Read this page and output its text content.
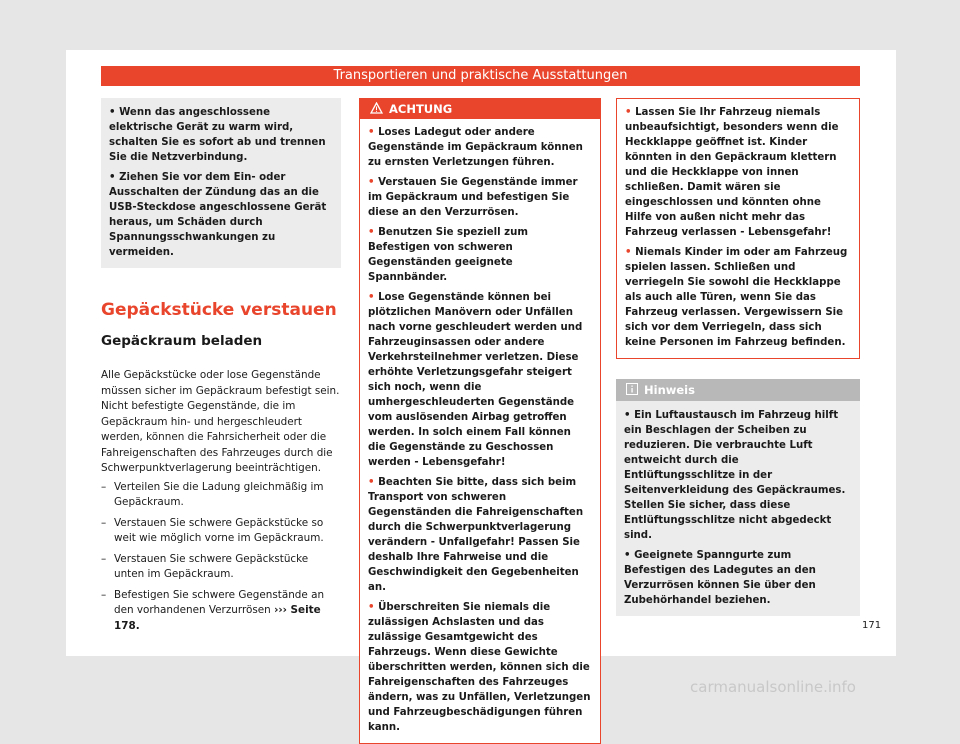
Transportieren und praktische Ausstattungen

• Wenn das angeschlossene elektrische Gerät zu warm wird, schalten Sie es sofort ab und trennen Sie die Netzverbindung.

• Ziehen Sie vor dem Ein- oder Ausschalten der Zündung das an die USB-Steckdose angeschlossene Gerät heraus, um Schäden durch Spannungsschwankungen zu vermeiden.

Gepäckstücke verstauen
Gepäckraum beladen

Alle Gepäckstücke oder lose Gegenstände müssen sicher im Gepäckraum befestigt sein. Nicht befestigte Gegenstände, die im Gepäckraum hin- und hergeschleudert werden, können die Fahrsicherheit oder die Fahreigenschaften des Fahrzeuges durch die Schwerpunktverlagerung beeinträchtigen.

– Verteilen Sie die Ladung gleichmäßig im Gepäckraum.
– Verstauen Sie schwere Gepäckstücke so weit wie möglich vorne im Gepäckraum.
– Verstauen Sie schwere Gepäckstücke unten im Gepäckraum.
– Befestigen Sie schwere Gegenstände an den vorhandenen Verzurrösen ››› Seite 178.
ACHTUNG

• Loses Ladegut oder andere Gegenstände im Gepäckraum können zu ernsten Verletzungen führen.

• Verstauen Sie Gegenstände immer im Gepäckraum und befestigen Sie diese an den Verzurrösen.

• Benutzen Sie speziell zum Befestigen von schweren Gegenständen geeignete Spannbänder.

• Lose Gegenstände können bei plötzlichen Manövern oder Unfällen nach vorne geschleudert werden und Fahrzeuginsassen oder andere Verkehrsteilnehmer verletzen. Diese erhöhte Verletzungsgefahr steigert sich noch, wenn die umhergeschleuderten Gegenstände vom auslösenden Airbag getroffen werden. In solch einem Fall können die Gegenstände zu Geschossen werden - Lebensgefahr!

• Beachten Sie bitte, dass sich beim Transport von schweren Gegenständen die Fahreigenschaften durch die Schwerpunktverlagerung verändern - Unfallgefahr! Passen Sie deshalb Ihre Fahrweise und die Geschwindigkeit den Gegebenheiten an.

• Überschreiten Sie niemals die zulässigen Achslasten und das zulässige Gesamtgewicht des Fahrzeugs. Wenn diese Gewichte überschritten werden, können sich die Fahreigenschaften des Fahrzeuges ändern, was zu Unfällen, Verletzungen und Fahrzeugbeschädigungen führen kann.

• Lassen Sie Ihr Fahrzeug niemals unbeaufsichtigt, besonders wenn die Heckklappe geöffnet ist. Kinder könnten in den Gepäckraum klettern und die Heckklappe von innen schließen. Damit wären sie eingeschlossen und könnten ohne Hilfe von außen nicht mehr das Fahrzeug verlassen - Lebensgefahr!

• Niemals Kinder im oder am Fahrzeug spielen lassen. Schließen und verriegeln Sie sowohl die Heckklappe als auch alle Türen, wenn Sie das Fahrzeug verlassen. Vergewissern Sie sich vor dem Verriegeln, dass sich keine Personen im Fahrzeug befinden.

Hinweis

• Ein Luftaustausch im Fahrzeug hilft ein Beschlagen der Scheiben zu reduzieren. Die verbrauchte Luft entweicht durch die Entlüftungsschlitze in der Seitenverkleidung des Gepäckraumes. Stellen Sie sicher, dass diese Entlüftungsschlitze nicht abgedeckt sind.

• Geeignete Spanngurte zum Befestigen des Ladegutes an den Verzurrösen können Sie über den Zubehörhandel beziehen.

171
carmanualsonline.info
